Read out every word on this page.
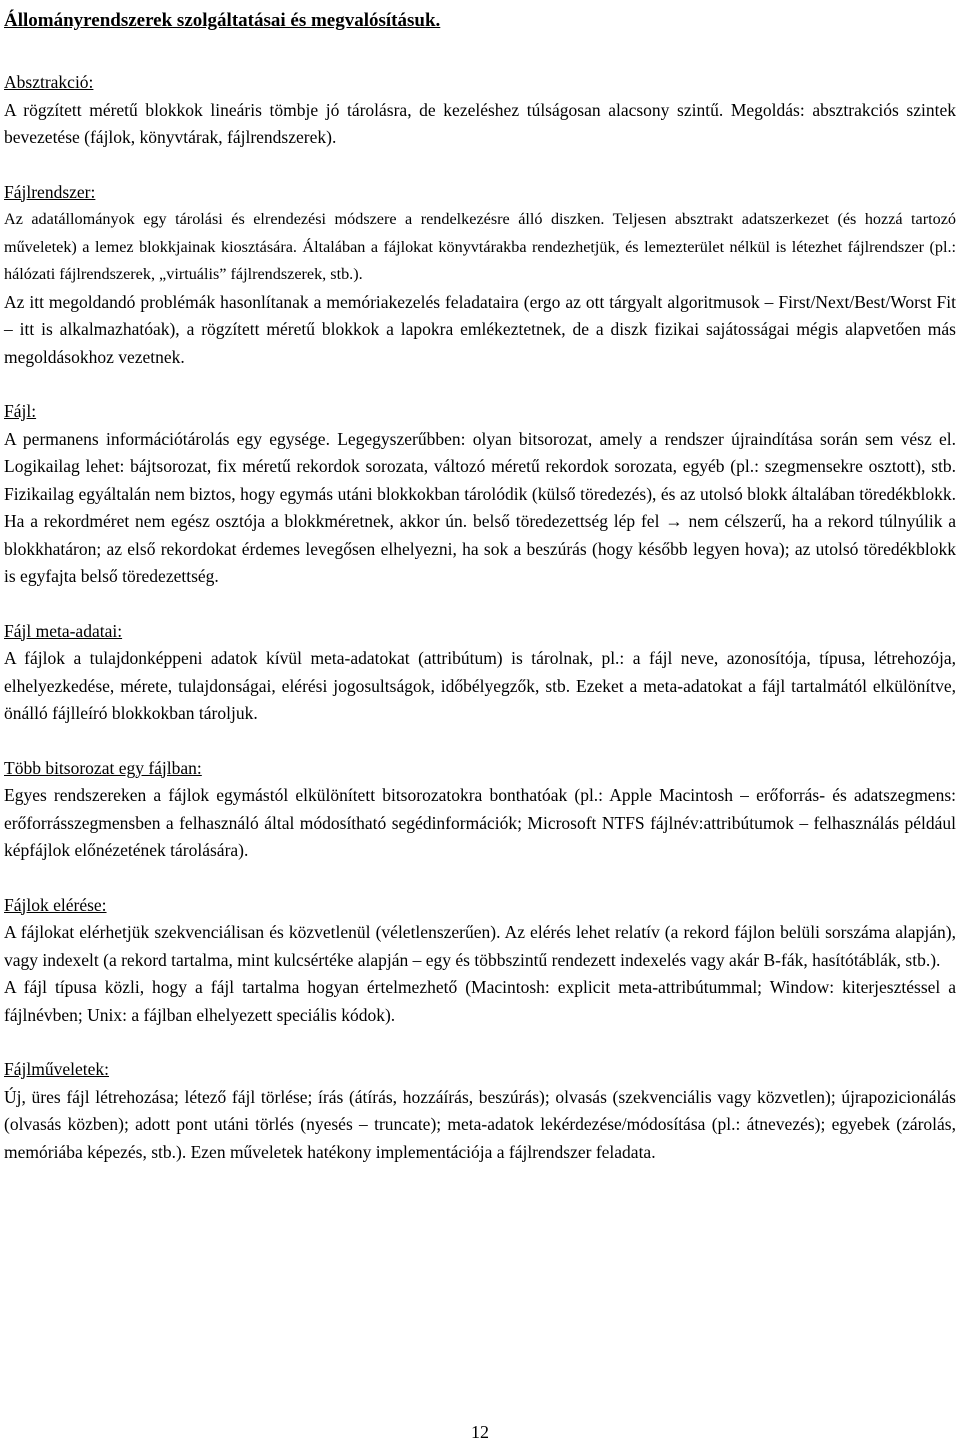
Állományrendszerek szolgáltatásai és megvalósításuk.
Absztrakció:

A rögzített méretű blokkok lineáris tömbje jó tárolásra, de kezeléshez túlságosan alacsony szintű. Megoldás: absztrakciós szintek bevezetése (fájlok, könyvtárak, fájlrendszerek).

Fájlrendszer:

Az adatállományok egy tárolási és elrendezési módszere a rendelkezésre álló diszken. Teljesen absztrakt adatszerkezet (és hozzá tartozó műveletek) a lemez blokkjainak kiosztására. Általában a fájlokat könyvtárakba rendezhetjük, és lemezterület nélkül is létezhet fájlrendszer (pl.: hálózati fájlrendszerek, „virtuális” fájlrendszerek, stb.).

Az itt megoldandó problémák hasonlítanak a memóriakezelés feladataira (ergo az ott tárgyalt algoritmusok – First/Next/Best/Worst Fit – itt is alkalmazhatóak), a rögzített méretű blokkok a lapokra emlékeztetnek, de a diszk fizikai sajátosságai mégis alapvetően más megoldásokhoz vezetnek.

Fájl:

A permanens információtárolás egy egysége. Legegyszerűbben: olyan bitsorozat, amely a rendszer újraindítása során sem vész el. Logikailag lehet: bájtsorozat, fix méretű rekordok sorozata, változó méretű rekordok sorozata, egyéb (pl.: szegmensekre osztott), stb. Fizikailag egyáltalán nem biztos, hogy egymás utáni blokkokban tárolódik (külső töredezés), és az utolsó blokk általában töredékblokk. Ha a rekordméret nem egész osztója a blokkméretnek, akkor ún. belső töredezettség lép fel → nem célszerű, ha a rekord túlnyúlik a blokkhatáron; az első rekordokat érdemes levegősen elhelyezni, ha sok a beszúrás (hogy később legyen hova); az utolsó töredékblokk is egyfajta belső töredezettség.

Fájl meta-adatai:

A fájlok a tulajdonképpeni adatok kívül meta-adatokat (attribútum) is tárolnak, pl.: a fájl neve, azonosítója, típusa, létrehozója, elhelyezkedése, mérete, tulajdonságai, elérési jogosultságok, időbélyegzők, stb. Ezeket a meta-adatokat a fájl tartalmától elkülönítve, önálló fájlleíró blokkokban tároljuk.

Több bitsorozat egy fájlban:

Egyes rendszereken a fájlok egymástól elkülönített bitsorozatokra bonthatóak (pl.: Apple Macintosh – erőforrás- és adatszegmens: erőforrásszegmensben a felhasználó által módosítható segédinformációk; Microsoft NTFS fájlnév:attribútumok – felhasználás például képfájlok előnézetének tárolására).

Fájlok elérése:

A fájlokat elérhetjük szekvenciálisan és közvetlenül (véletlenszerűen). Az elérés lehet relatív (a rekord fájlon belüli sorszáma alapján), vagy indexelt (a rekord tartalma, mint kulcsértéke alapján – egy és többszintű rendezett indexelés vagy akár B-fák, hasítótáblák, stb.).

A fájl típusa közli, hogy a fájl tartalma hogyan értelmezhető (Macintosh: explicit meta-attribútummal; Window: kiterjesztéssel a fájlnévben; Unix: a fájlban elhelyezett speciális kódok).

Fájlműveletek:

Új, üres fájl létrehozása; létező fájl törlése; írás (átírás, hozzáírás, beszúrás); olvasás (szekvenciális vagy közvetlen); újrapozicionálás (olvasás közben); adott pont utáni törlés (nyesés – truncate); meta-adatok lekérdezése/módosítása (pl.: átnevezés); egyebek (zárolás, memóriába képezés, stb.). Ezen műveletek hatékony implementációja a fájlrendszer feladata.

12
